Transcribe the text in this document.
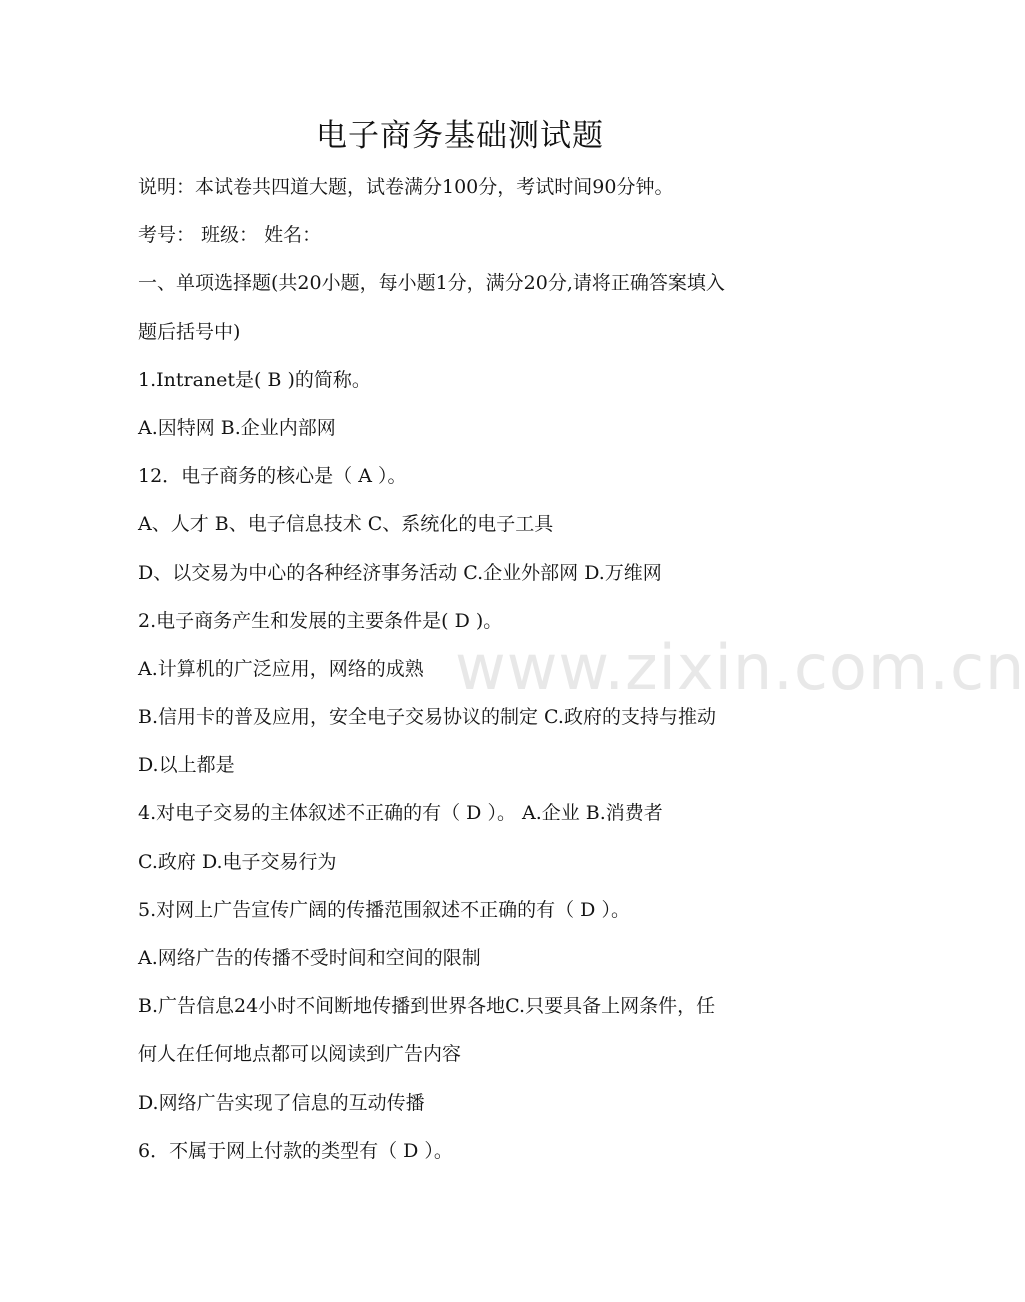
电子商务基础测试题
说明：本试卷共四道大题，试卷满分100分，考试时间90分钟。
考号： 班级： 姓名：
一、单项选择题(共20小题，每小题1分，满分20分,请将正确答案填入
题后括号中)
1.Intranet是( B )的简称。
A.因特网 B.企业内部网
12．电子商务的核心是（ A ）。
A、人才 B、电子信息技术 C、系统化的电子工具
D、以交易为中心的各种经济事务活动 C.企业外部网 D.万维网
2.电子商务产生和发展的主要条件是( D )。
A.计算机的广泛应用，网络的成熟
B.信用卡的普及应用，安全电子交易协议的制定 C.政府的支持与推动
D.以上都是
4.对电子交易的主体叙述不正确的有（ D ）。 A.企业 B.消费者
C.政府 D.电子交易行为
5.对网上广告宣传广阔的传播范围叙述不正确的有（ D ）。
A.网络广告的传播不受时间和空间的限制
B.广告信息24小时不间断地传播到世界各地C.只要具备上网条件，任
何人在任何地点都可以阅读到广告内容
D.网络广告实现了信息的互动传播
6．不属于网上付款的类型有（ D ）。
www.zixin.com.cn
